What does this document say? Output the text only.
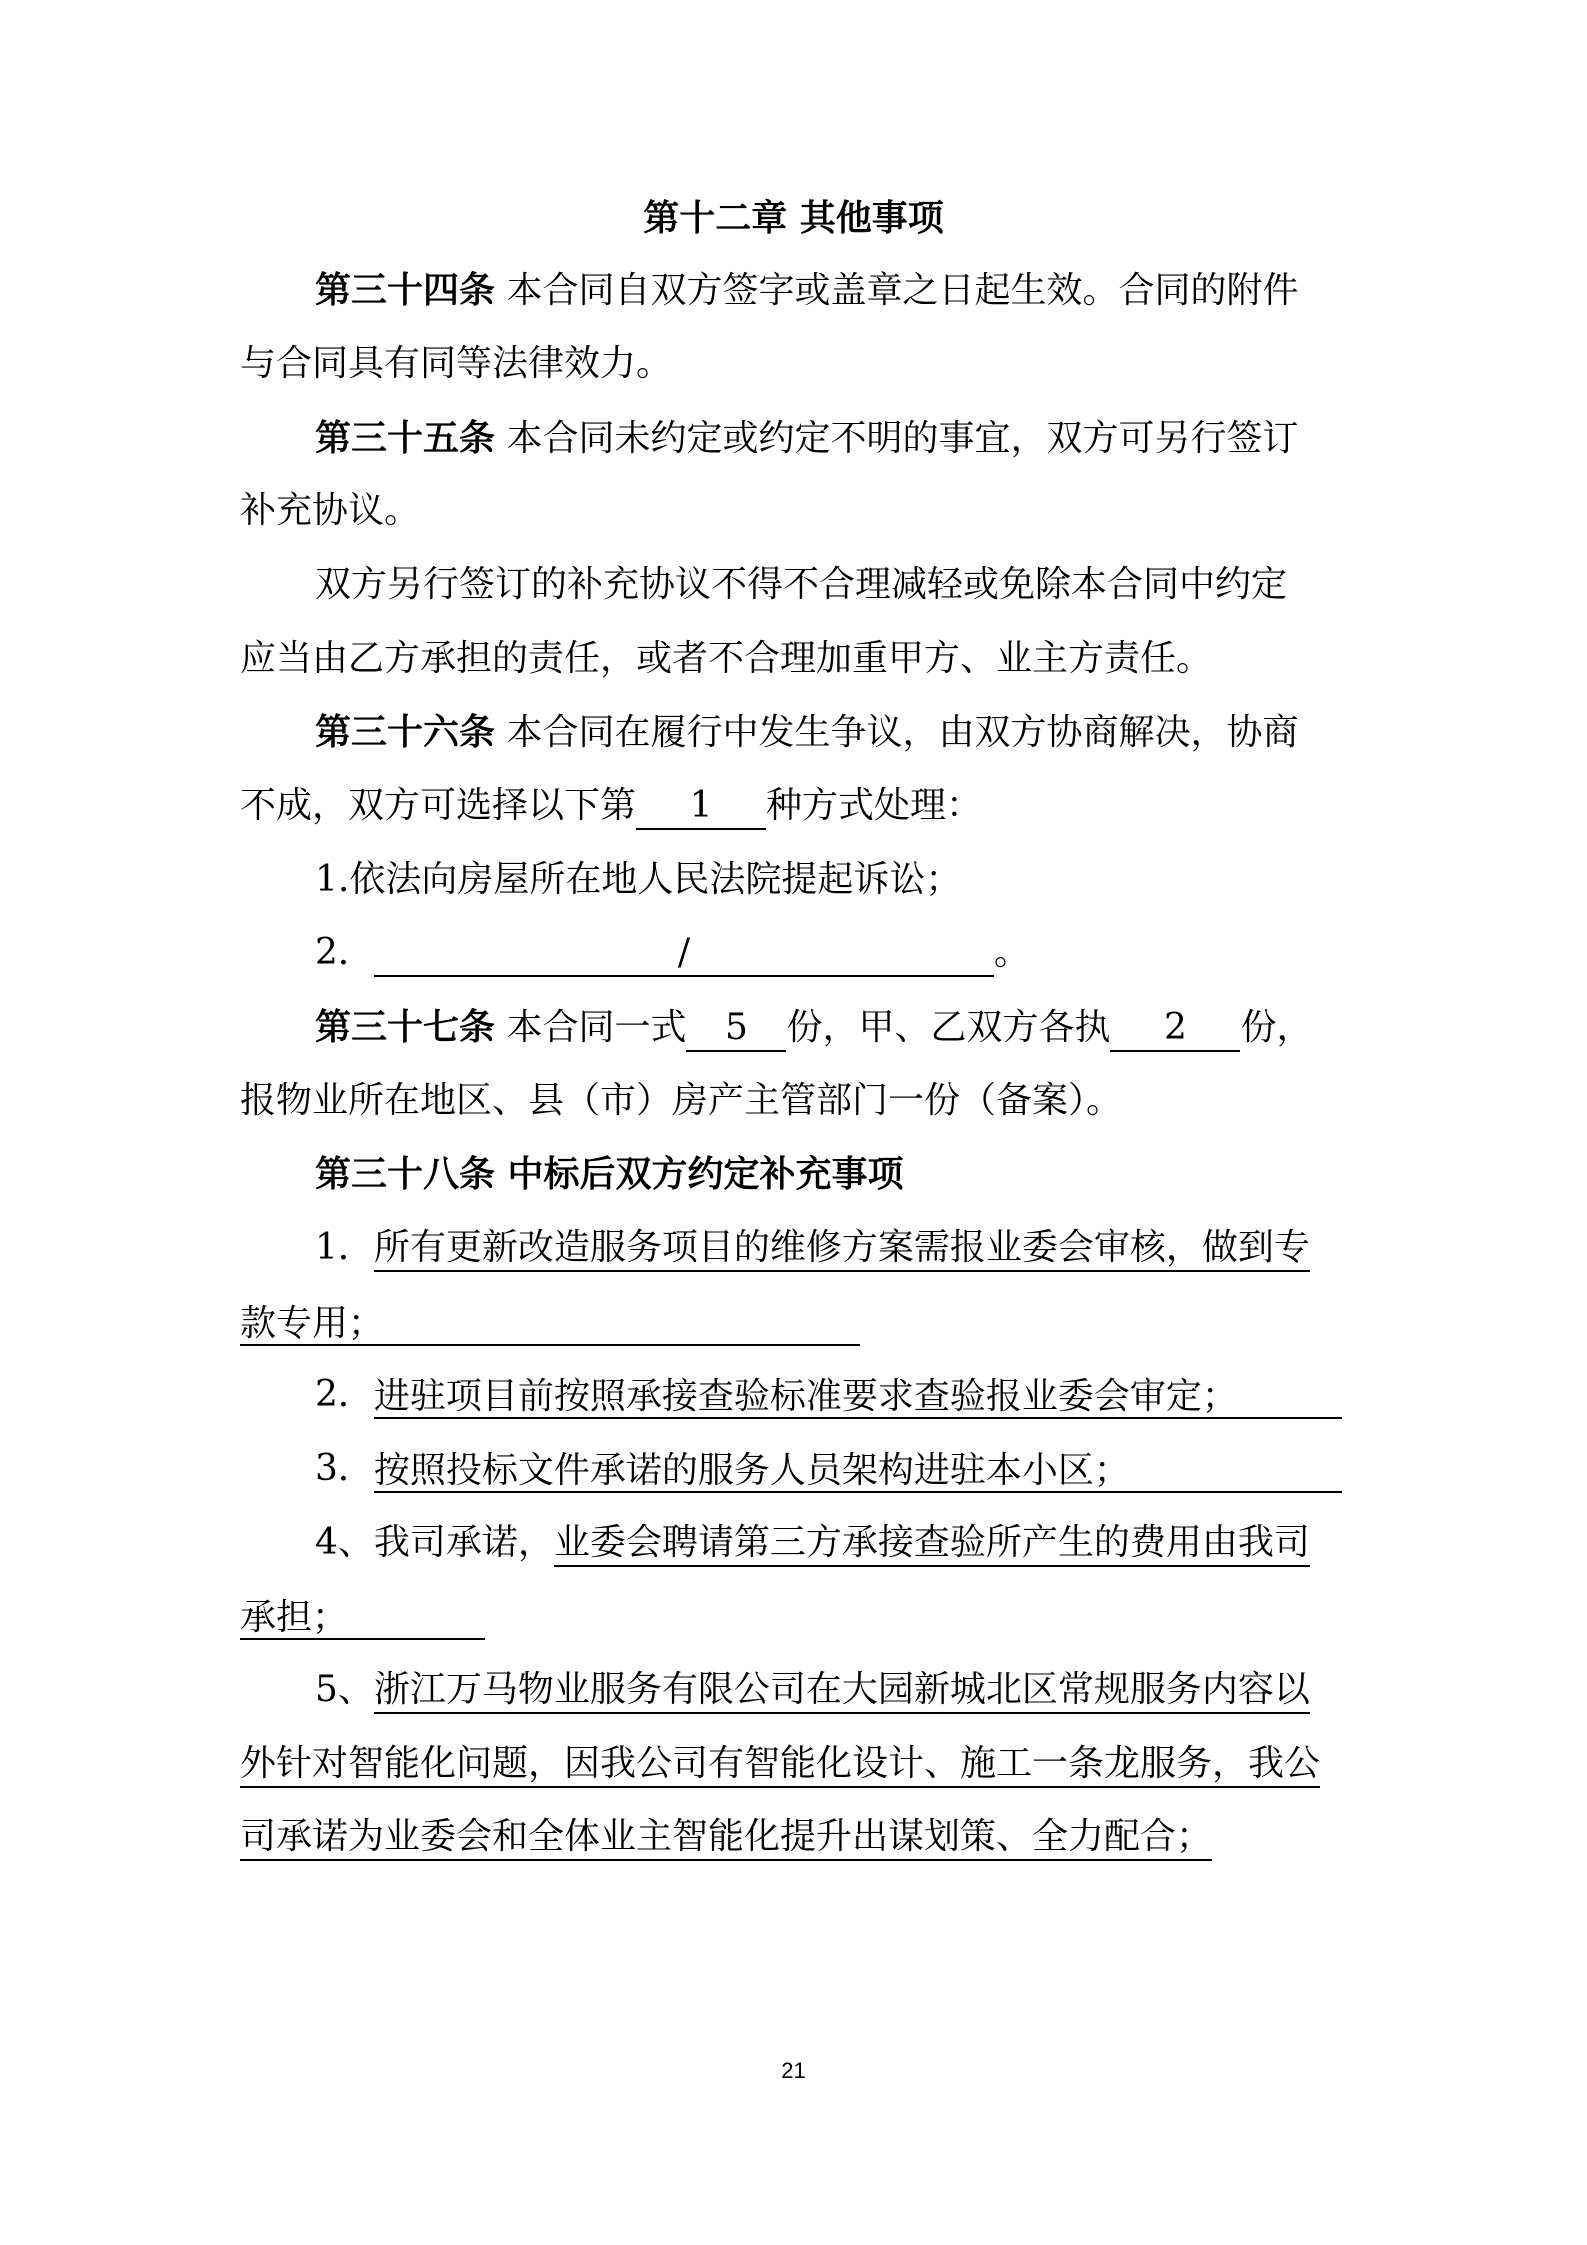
第十二章 其他事项
第三十四条 本合同自双方签字或盖章之日起生效。合同的附件
与合同具有同等法律效力。
第三十五条 本合同未约定或约定不明的事宜，双方可另行签订
补充协议。
双方另行签订的补充协议不得不合理减轻或免除本合同中约定
应当由乙方承担的责任，或者不合理加重甲方、业主方责任。
第三十六条 本合同在履行中发生争议，由双方协商解决，协商
不成，双方可选择以下第 1 种方式处理：
1.依法向房屋所在地人民法院提起诉讼；
2．	/	。
第三十七条 本合同一式 5 份，甲、乙双方各执 2 份，
报物业所在地区、县（市）房产主管部门一份（备案）。
第三十八条 中标后双方约定补充事项
1．所有更新改造服务项目的维修方案需报业委会审核，做到专
款专用；
2．进驻项目前按照承接查验标准要求查验报业委会审定；
3．按照投标文件承诺的服务人员架构进驻本小区；
4、我司承诺，业委会聘请第三方承接查验所产生的费用由我司
承担；
5、浙江万马物业服务有限公司在大园新城北区常规服务内容以
外针对智能化问题，因我公司有智能化设计、施工一条龙服务，我公
司承诺为业委会和全体业主智能化提升出谋划策、全力配合；
21
